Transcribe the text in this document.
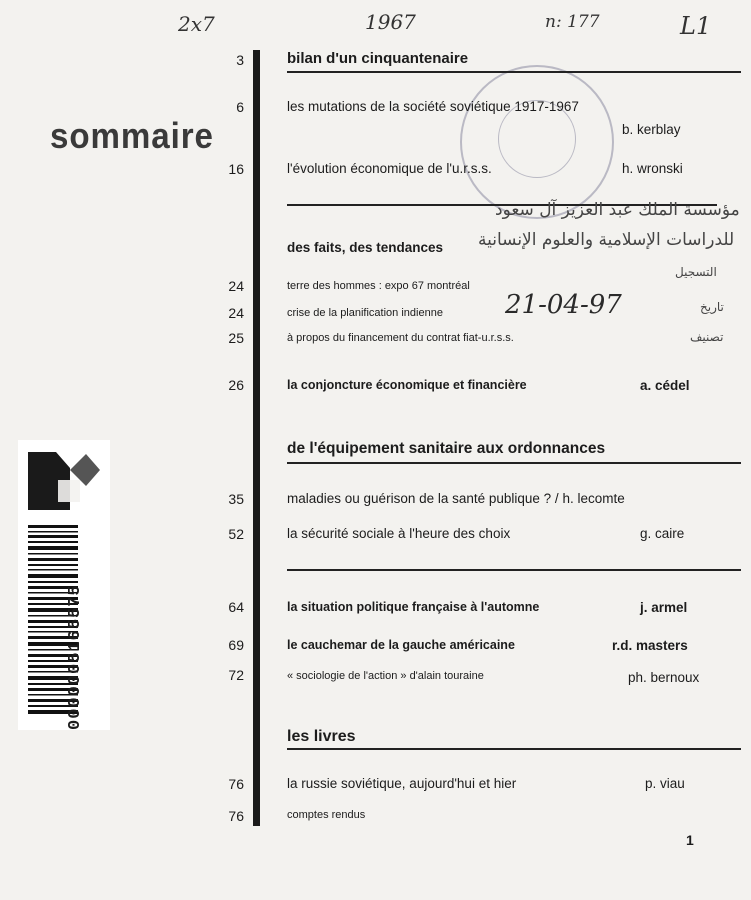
2x7	1967	n: 177	L1
sommaire
3	bilan d'un cinquantenaire
6	les mutations de la société soviétique 1917-1967
b. kerblay
16	l'évolution économique de l'u.r.s.s.	h. wronski
مؤسسة الملك عبد العزيز آل سعود
للدراسات الإسلامية والعلوم الإنسانية
التسجيل
تاريخ
تصنيف
21-04-97
des faits, des tendances
24	terre des hommes : expo 67 montréal
24	crise de la planification indienne
25	à propos du financement du contrat fiat-u.r.s.s.
26	la conjoncture économique et financière	a. cédel
de l'équipement sanitaire aux ordonnances
35	maladies ou guérison de la santé publique ? / h. lecomte
52	la sécurité sociale à l'heure des choix	g. caire
64	la situation politique française à l'automne	j. armel
69	le cauchemar de la gauche américaine	r.d. masters
72	« sociologie de l'action » d'alain touraine	ph. bernoux
les livres
76	la russie soviétique, aujourd'hui et hier	p. viau
76	comptes rendus
1
0000005165575
